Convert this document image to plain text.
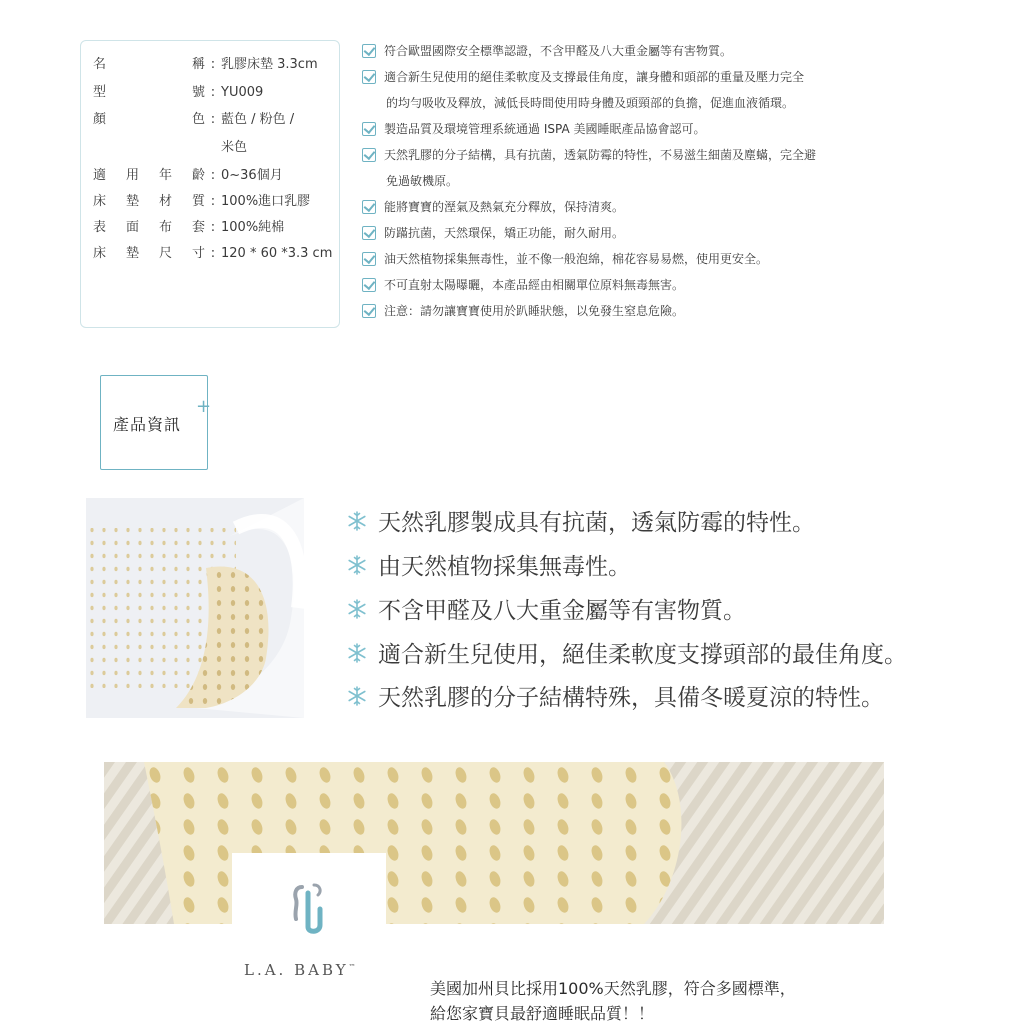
名	稱 : 乳膠床墊 3.3cm
型	號 : YU009
顏	色 : 藍色 / 粉色 /
米色
適 用 年 齡 : 0~36個月
床 墊 材 質 : 100%進口乳膠
表 面 布 套 : 100%純棉
床 墊 尺 寸 : 120 * 60 *3.3 cm
符合歐盟國際安全標準認證，不含甲醛及八大重金屬等有害物質。
適合新生兒使用的絕佳柔軟度及支撐最佳角度，讓身體和頭部的重量及壓力完全
的均勻吸收及釋放，減低長時間使用時身體及頭頸部的負擔，促進血液循環。
製造品質及環境管理系統通過 ISPA 美國睡眠產品協會認可。
天然乳膠的分子結構，具有抗菌，透氣防霉的特性，不易滋生細菌及塵蟎，完全避
免過敏機原。
能將寶寶的溼氣及熱氣充分釋放，保持清爽。
防蹣抗菌，天然環保，矯正功能，耐久耐用。
油天然植物採集無毒性，並不像一般泡綿，棉花容易易燃，使用更安全。
不可直射太陽曝曬，本產品經由相關單位原料無毒無害。
注意：請勿讓寶寶使用於趴睡狀態，以免發生窒息危險。
產品資訊
+
天然乳膠製成具有抗菌，透氣防霉的特性。
由天然植物採集無毒性。
不含甲醛及八大重金屬等有害物質。
適合新生兒使用，絕佳柔軟度支撐頭部的最佳角度。
天然乳膠的分子結構特殊，具備冬暖夏涼的特性。
L.A. BABY™
美國加州貝比採用100%天然乳膠，符合多國標準，
給您家寶貝最舒適睡眠品質！！
